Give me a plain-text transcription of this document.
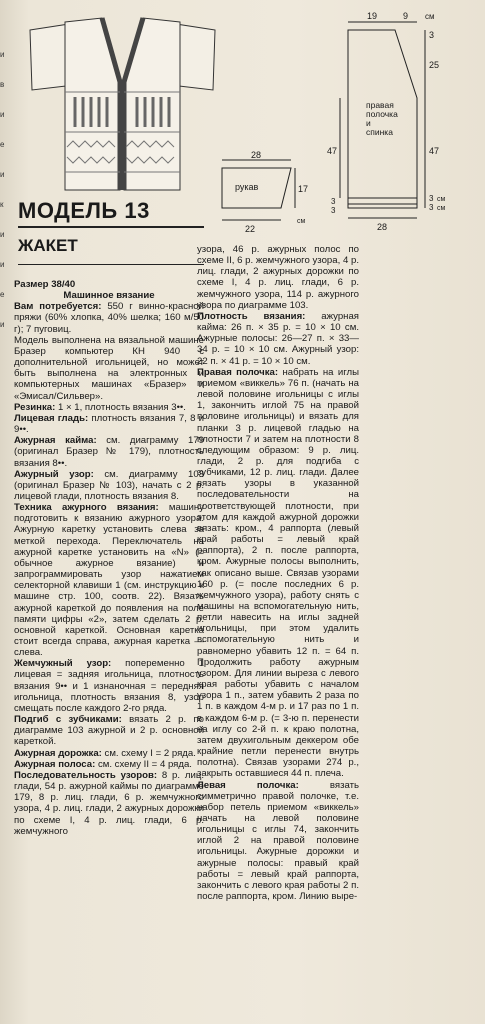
и
в
и
е
и
к
и
и
е
и
19	9 см
3
25
47
3
3
см
см
правая полочка и спинка
47
3
3
28
28
рукав	17
22
см
МОДЕЛЬ 13
ЖАКЕТ

Размер 38/40

Машинное вязание

Вам потребуется: 550 г винно-красной пряжи (60% хлопка, 40% шелка; 160 м/50 г); 7 пуговиц.

Модель выполнена на вязальной машине Бразер компьютер КН 940 с дополнительной игольницей, но может быть выполнена на электронных и компьютерных машинах «Бразер» и «Эмисал/Сильвер».

Резинка: 1 × 1, плотность вязания 3••.

Лицевая гладь: плотность вязания 7, 8 и 9••.

Ажурная кайма: см. диаграмму 179 (оригинал Бразер № 179), плотность вязания 8••.

Ажурный узор: см. диаграмму 103 (оригинал Бразер № 103), начать с 2 р. лицевой глади, плотность вязания 8.

Техника ажурного вязания: машину подготовить к вязанию ажурного узора. Ажурную каретку установить слева за меткой перехода. Переключатель на ажурной каретке установить на «N» (= обычное ажурное вязание) и запрограммировать узор нажатием селекторной клавиши 1 (см. инструкцию к машине стр. 100, соотв. 22). Вязать ажурной кареткой до появления на поле памяти цифры «2», затем сделать 2 р. основной кареткой. Основная каретка стоит всегда справа, ажурная каретка — слева.

Жемчужный узор: попеременно 1 лицевая = задняя игольница, плотность вязания 9•• и 1 изнаночная = передняя игольница, плотность вязания 8, узор смещать после каждого 2-го ряда.

Подгиб с зубчиками: вязать 2 р. по диаграмме 103 ажурной и 2 р. основной кареткой.

Ажурная дорожка: см. схему I = 2 ряда.

Ажурная полоса: см. схему II = 4 ряда.

Последовательность узоров: 8 р. лиц. глади, 54 р. ажурной каймы по диаграмме 179, 8 р. лиц. глади, 6 р. жемчужного узора, 4 р. лиц. глади, 2 ажурных дорожки по схеме I, 4 р. лиц. глади, 6 р. жемчужного

узора, 46 р. ажурных полос по схеме II, 6 р. жемчужного узора, 4 р. лиц. глади, 2 ажурных дорожки по схеме I, 4 р. лиц. глади, 6 р. жемчужного узора, 114 р. ажурного узора по диаграмме 103.

Плотность вязания: ажурная кайма: 26 п. × 35 р. = 10 × 10 см. Ажурные полосы: 26—27 п. × 33—34 р. = 10 × 10 см. Ажурный узор: 22 п. × 41 р. = 10 × 10 см.

Правая полочка: набрать на иглы приемом «виккель» 76 п. (начать на левой половине игольницы с иглы 1, закончить иглой 75 на правой половине игольницы) и вязать для планки 3 р. лицевой гладью на плотности 7 и затем на плотности 8 следующим образом: 9 р. лиц. глади, 2 р. для подгиба с зубчиками, 12 р. лиц. глади. Далее вязать узоры в указанной последовательности на соответствующей плотности, при этом для каждой ажурной дорожки вязать: кром., 4 раппорта (левый край работы = левый край раппорта), 2 п. после раппорта, кром. Ажурные полосы выполнить, как описано выше. Связав узорами 160 р. (= после последних 6 р. жемчужного узора), работу снять с машины на вспомогательную нить, петли навесить на иглы задней игольницы, при этом удалить вспомогательную нить и равномерно убавить 12 п. = 64 п. Продолжить работу ажурным узором. Для линии выреза с левого края работы убавить с началом узора 1 п., затем убавить 2 раза по 1 п. в каждом 4-м р. и 17 раз по 1 п. в каждом 6-м р. (= 3-ю п. перенести на иглу со 2-й п. к краю полотна, затем двухигольным деккером обе крайние петли перенести внутрь полотна). Связав узорами 274 р., закрыть оставшиеся 44 п. плеча.

Левая полочка: вязать симметрично правой полочке, т.е. набор петель приемом «виккель» начать на левой половине игольницы с иглы 74, закончить иглой 2 на правой половине игольницы. Ажурные дорожки и ажурные полосы: правый край работы = левый край раппорта, закончить с левого края работы 2 п. после раппорта, кром. Линию выре-
